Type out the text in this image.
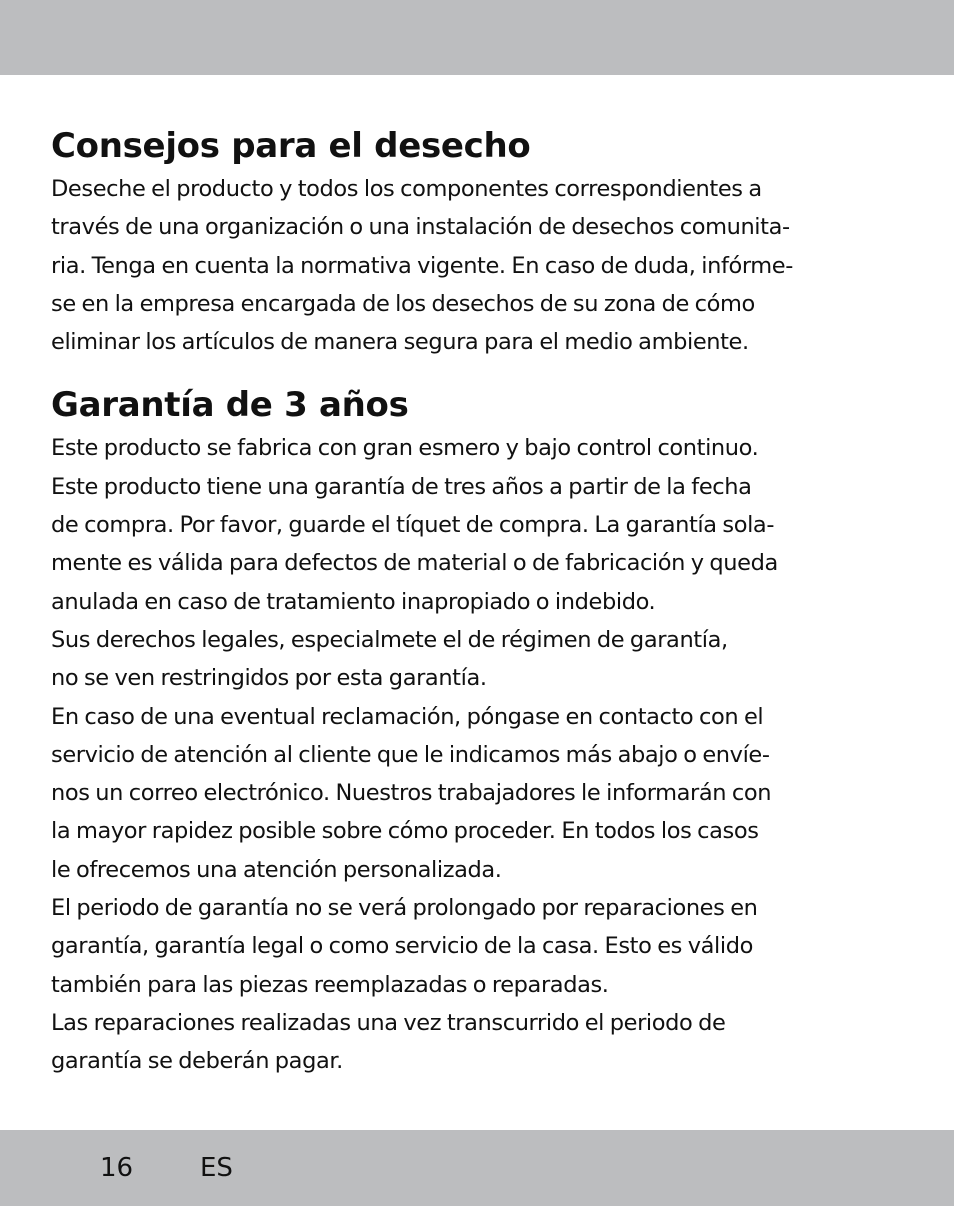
Consejos para el desecho

Deseche el producto y todos los componentes correspondientes a
través de una organización o una instalación de desechos comunita-
ria. Tenga en cuenta la normativa vigente. En caso de duda, infórme-
se en la empresa encargada de los desechos de su zona de cómo
eliminar los artículos de manera segura para el medio ambiente.

Garantía de 3 años

Este producto se fabrica con gran esmero y bajo control continuo.
Este producto tiene una garantía de tres años a partir de la fecha
de compra. Por favor, guarde el tíquet de compra. La garantía sola-
mente es válida para defectos de material o de fabricación y queda
anulada en caso de tratamiento inapropiado o indebido.

Sus derechos legales, especialmete el de régimen de garantía,
no se ven restringidos por esta garantía.

En caso de una eventual reclamación, póngase en contacto con el
servicio de atención al cliente que le indicamos más abajo o envíe-
nos un correo electrónico. Nuestros trabajadores le informarán con
la mayor rapidez posible sobre cómo proceder. En todos los casos
le ofrecemos una atención personalizada.

El periodo de garantía no se verá prolongado por reparaciones en
garantía, garantía legal o como servicio de la casa. Esto es válido
también para las piezas reemplazadas o reparadas.

Las reparaciones realizadas una vez transcurrido el periodo de
garantía se deberán pagar.

16	ES
